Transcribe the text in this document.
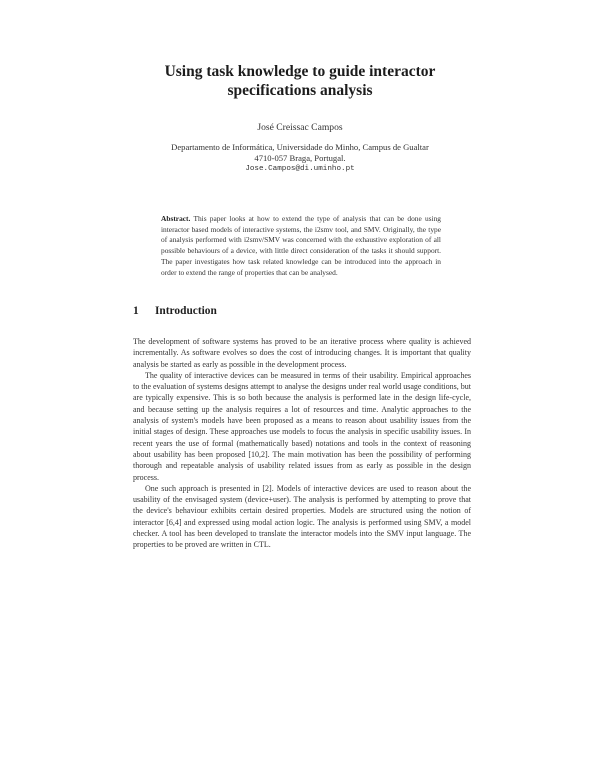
Using task knowledge to guide interactor specifications analysis
José Creissac Campos
Departamento de Informática, Universidade do Minho, Campus de Gualtar
4710-057 Braga, Portugal.
Jose.Campos@di.uminho.pt
Abstract. This paper looks at how to extend the type of analysis that can be done using interactor based models of interactive systems, the i2smv tool, and SMV. Originally, the type of analysis performed with i2smv/SMV was concerned with the exhaustive exploration of all possible behaviours of a device, with little direct consideration of the tasks it should support. The paper investigates how task related knowledge can be introduced into the approach in order to extend the range of properties that can be analysed.
1 Introduction

The development of software systems has proved to be an iterative process where quality is achieved incrementally. As software evolves so does the cost of introducing changes. It is important that quality analysis be started as early as possible in the development process.

The quality of interactive devices can be measured in terms of their usability. Empirical approaches to the evaluation of systems designs attempt to analyse the designs under real world usage conditions, but are typically expensive. This is so both because the analysis is performed late in the design life-cycle, and because setting up the analysis requires a lot of resources and time. Analytic approaches to the analysis of system's models have been proposed as a means to reason about usability issues from the initial stages of design. These approaches use models to focus the analysis in specific usability issues. In recent years the use of formal (mathematically based) notations and tools in the context of reasoning about usability has been proposed [10,2]. The main motivation has been the possibility of performing thorough and repeatable analysis of usability related issues from as early as possible in the design process.

One such approach is presented in [2]. Models of interactive devices are used to reason about the usability of the envisaged system (device+user). The analysis is performed by attempting to prove that the device's behaviour exhibits certain desired properties. Models are structured using the notion of interactor [6,4] and expressed using modal action logic. The analysis is performed using SMV, a model checker. A tool has been developed to translate the interactor models into the SMV input language. The properties to be proved are written in CTL.
